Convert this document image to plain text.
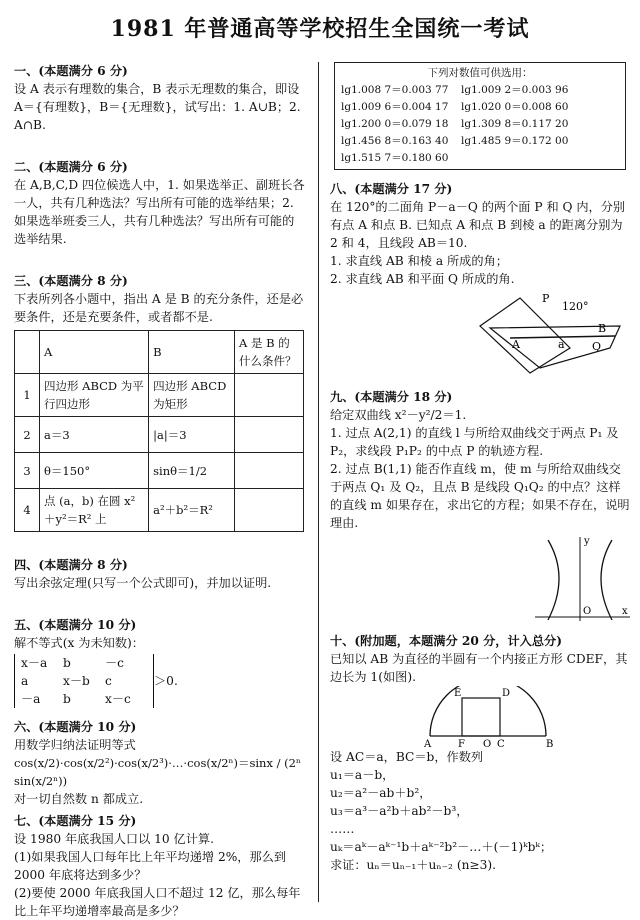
1981 年普通高等学校招生全国统一考试
一、(本题满分 6 分)
设 A 表示有理数的集合，B 表示无理数的集合，即设 A＝{有理数}，B＝{无理数}，试写出：1. A∪B；2. A∩B.
二、(本题满分 6 分)
在 A,B,C,D 四位候选人中，1. 如果选举正、副班长各一人，共有几种选法？写出所有可能的选举结果；2. 如果选举班委三人，共有几种选法？写出所有可能的选举结果.
三、(本题满分 8 分)
下表所列各小题中，指出 A 是 B 的充分条件，还是必要条件，还是充要条件，或者都不是.
	A	B	A 是 B 的什么条件？
1	四边形 ABCD 为平行四边形	四边形 ABCD 为矩形	
2	a＝3	|a|＝3	
3	θ＝150°	sinθ＝1/2	
4	点 (a，b) 在圆 x²＋y²＝R² 上	a²＋b²＝R²	
四、(本题满分 8 分)
写出余弦定理(只写一个公式即可)，并加以证明.
五、(本题满分 10 分)
解不等式(x 为未知数)：
x－a	b	－c
a	x－b	c
－a	b	x－c
＞0.
六、(本题满分 10 分)
用数学归纳法证明等式
cos(x/2)·cos(x/2²)·cos(x/2³)·…·cos(x/2ⁿ)＝sinx / (2ⁿ sin(x/2ⁿ))
对一切自然数 n 都成立.
七、(本题满分 15 分)
设 1980 年底我国人口以 10 亿计算.
(1)如果我国人口每年比上年平均递增 2%，那么到 2000 年底将达到多少？
(2)要使 2000 年底我国人口不超过 12 亿，那么每年比上年平均递增率最高是多少？
下列对数值可供选用：
lg1.008 7＝0.003 77	lg1.009 2＝0.003 96
lg1.009 6＝0.004 17	lg1.020 0＝0.008 60
lg1.200 0＝0.079 18	lg1.309 8＝0.117 20
lg1.456 8＝0.163 40	lg1.485 9＝0.172 00
lg1.515 7＝0.180 60
八、(本题满分 17 分)
在 120°的二面角 P－a－Q 的两个面 P 和 Q 内，分别有点 A 和点 B. 已知点 A 和点 B 到棱 a 的距离分别为 2 和 4，且线段 AB＝10.
1. 求直线 AB 和棱 a 所成的角；
2. 求直线 AB 和平面 Q 所成的角.
P
120°
A	a
B
Q
九、(本题满分 18 分)
给定双曲线 x²－y²/2＝1.
1. 过点 A(2,1) 的直线 l 与所给双曲线交于两点 P₁ 及 P₂，求线段 P₁P₂ 的中点 P 的轨迹方程.
2. 过点 B(1,1) 能否作直线 m，使 m 与所给双曲线交于两点 Q₁ 及 Q₂，且点 B 是线段 Q₁Q₂ 的中点？这样的直线 m 如果存在，求出它的方程；如果不存在，说明理由.
y
O	x
十、(附加题，本题满分 20 分，计入总分)
已知以 AB 为直径的半圆有一个内接正方形 CDEF，其边长为 1(如图).
E	D
A	F O C	B
设 AC＝a，BC＝b，作数列
u₁＝a－b，
u₂＝a²－ab＋b²，
u₃＝a³－a²b＋ab²－b³，
……
uₖ＝aᵏ－aᵏ⁻¹b＋aᵏ⁻²b²－…＋(－1)ᵏbᵏ；
求证：uₙ＝uₙ₋₁＋uₙ₋₂ (n≥3).
